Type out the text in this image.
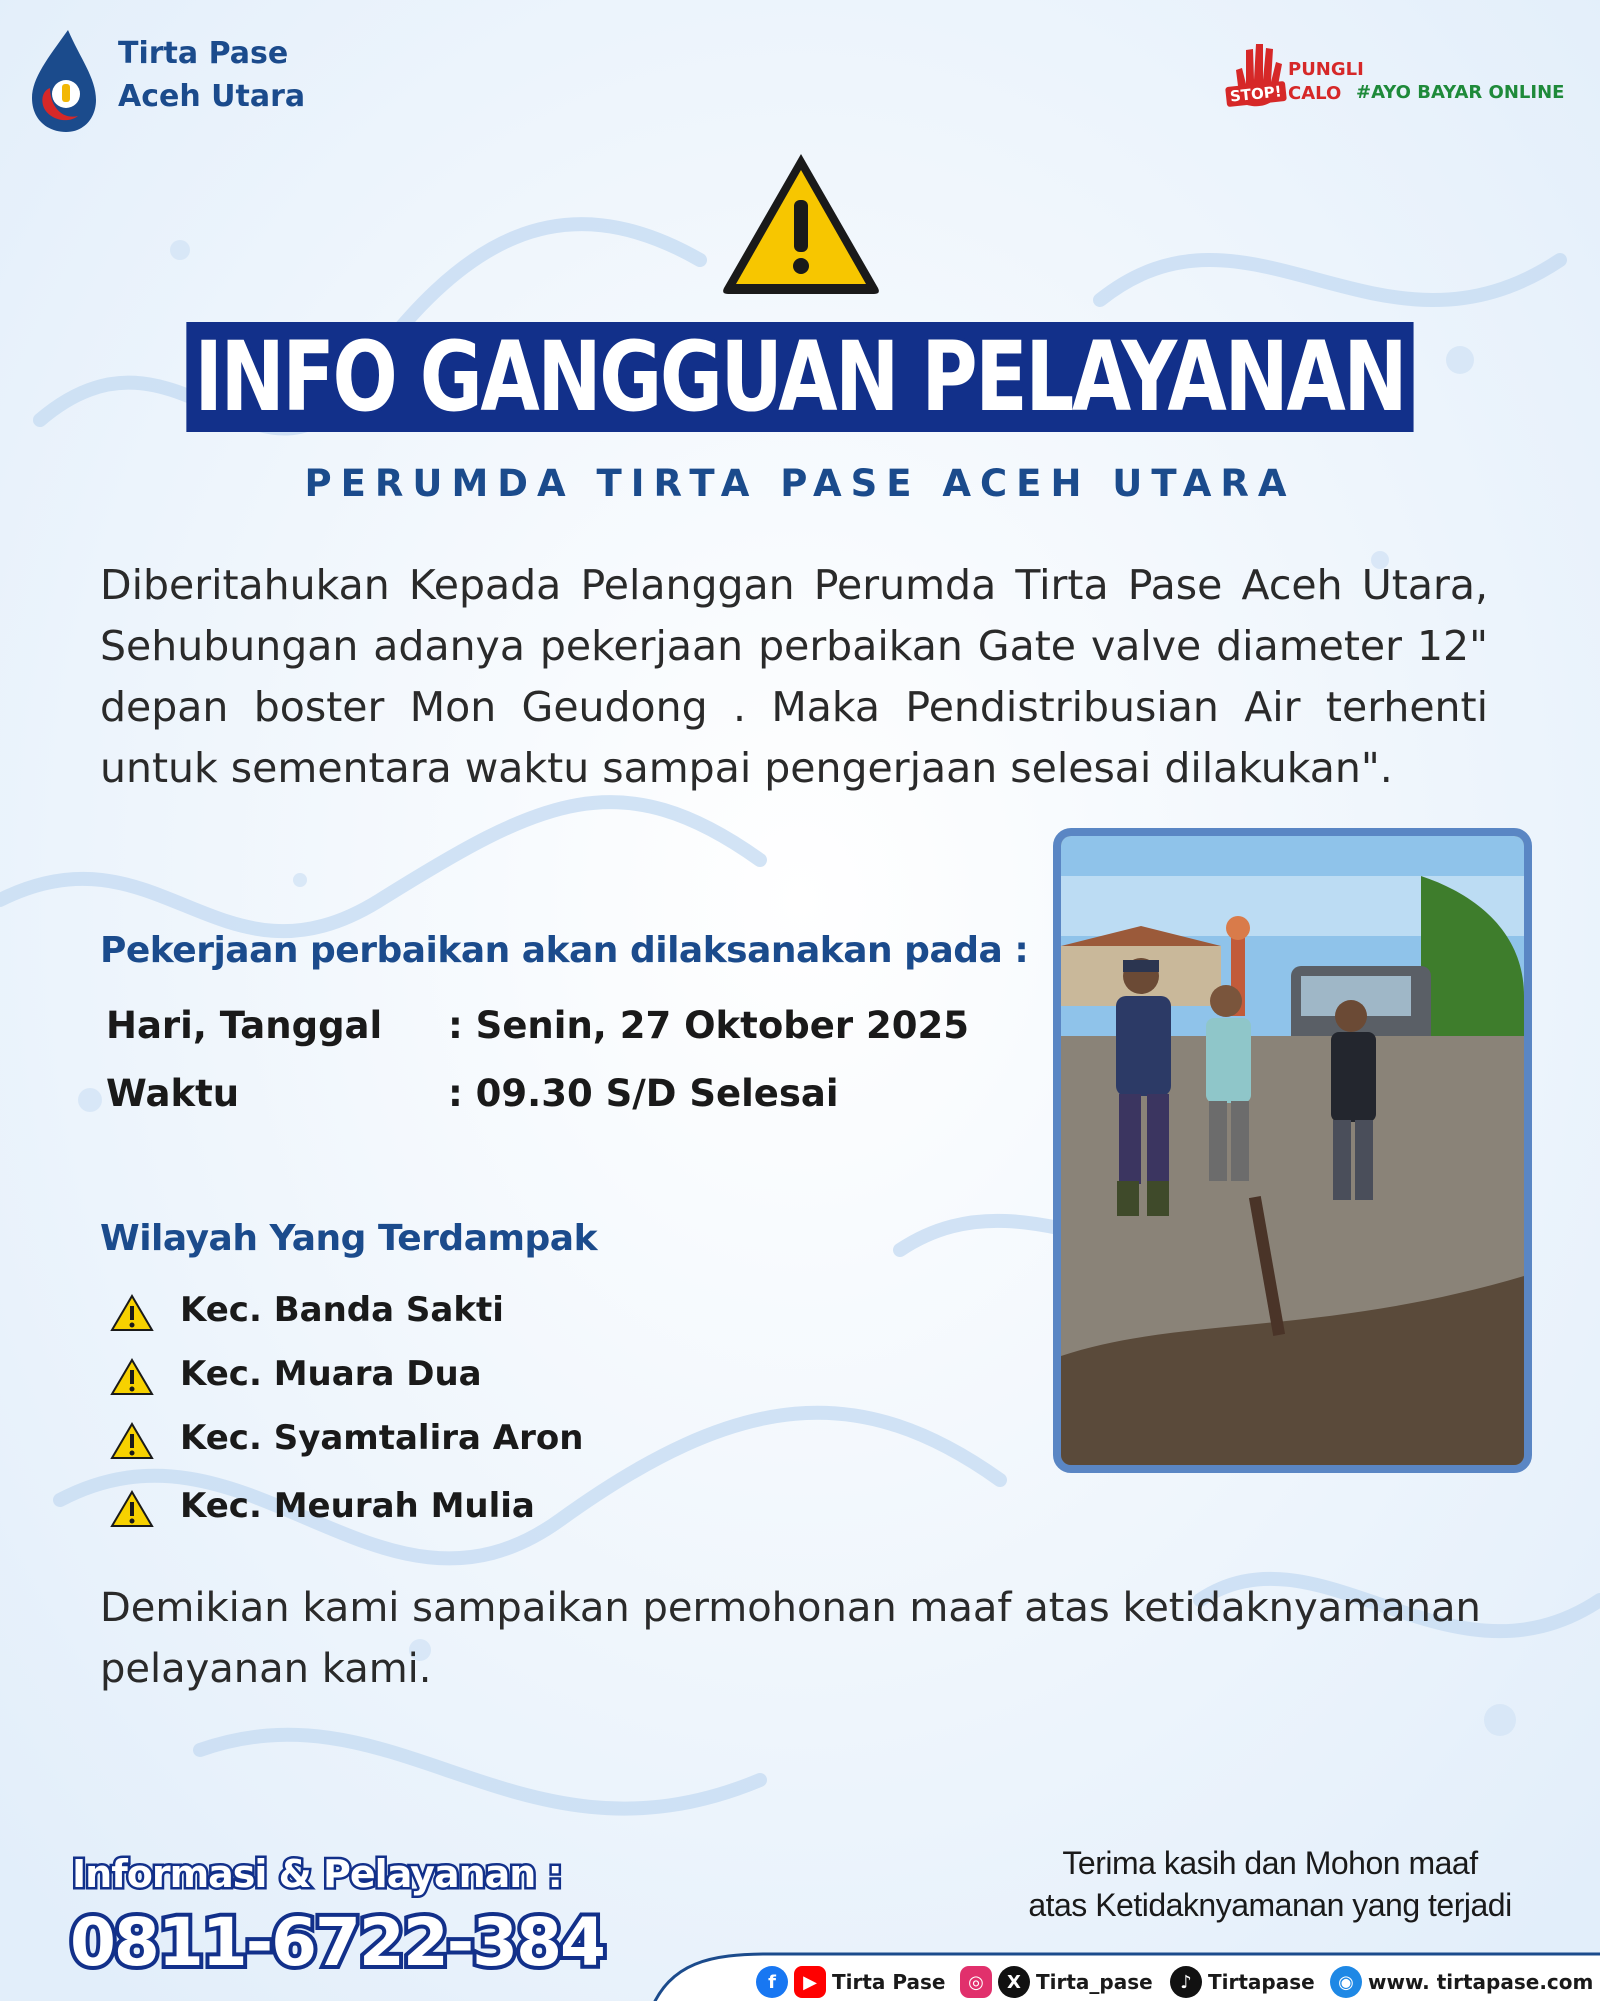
Tirta Pase
Aceh Utara	STOP!
PUNGLI
CALO #AYO BAYAR ONLINE
INFO GANGGUAN PELAYANAN
PERUMDA TIRTA PASE ACEH UTARA
Diberitahukan Kepada Pelanggan Perumda Tirta Pase Aceh Utara, Sehubungan adanya pekerjaan perbaikan Gate valve diameter 12" depan boster Mon Geudong . Maka Pendistribusian Air terhenti untuk sementara waktu sampai pengerjaan selesai dilakukan".
Pekerjaan perbaikan akan dilaksanakan pada :
Hari, Tanggal : Senin, 27 Oktober 2025
Waktu	: 09.30 S/D Selesai
Wilayah Yang Terdampak
Kec. Banda Sakti
Kec. Muara Dua
Kec. Syamtalira Aron
Kec. Meurah Mulia
Demikian kami sampaikan permohonan maaf atas ketidaknyamanan pelayanan kami.
Informasi & Pelayanan :
0811-6722-384
Terima kasih dan Mohon maaf
atas Ketidaknyamanan yang terjadi
f	▶ Tirta Pase	◎	X Tirta_pase	♪ Tirtapase	◉ www. tirtapase.com
